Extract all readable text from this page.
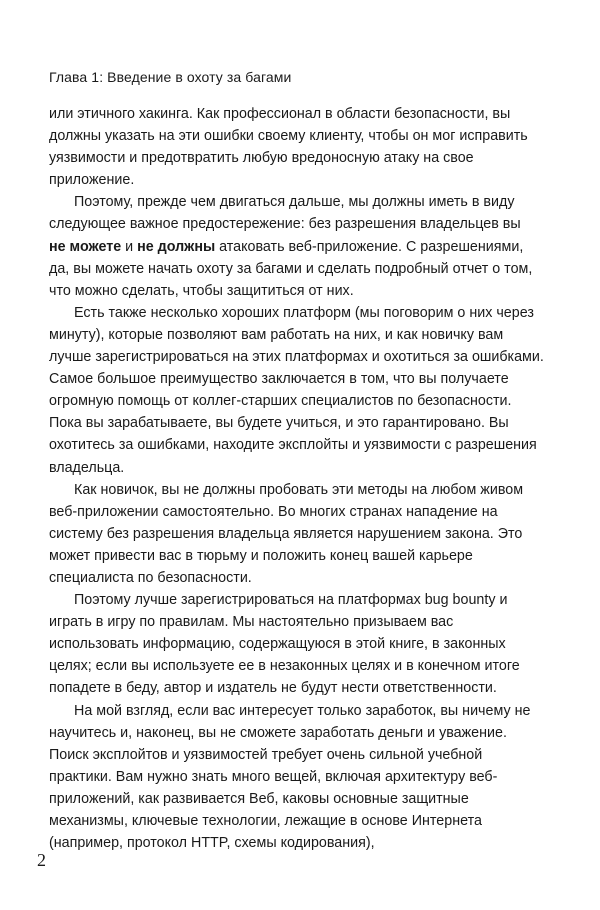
Глава 1: Введение в охоту за багами
или этичного хакинга. Как профессионал в области безопасности, вы
должны указать на эти ошибки своему клиенту, чтобы он мог исправить
уязвимости и предотвратить любую вредоносную атаку на свое
приложение.
Поэтому, прежде чем двигаться дальше, мы должны иметь в виду
следующее важное предостережение: без разрешения владельцев вы
не можете и не должны атаковать веб-приложение. С разрешениями,
да, вы можете начать охоту за багами и сделать подробный отчет о том,
что можно сделать, чтобы защититься от них.
Есть также несколько хороших платформ (мы поговорим о них через
минуту), которые позволяют вам работать на них, и как новичку вам
лучше зарегистрироваться на этих платформах и охотиться за ошибками.
Самое большое преимущество заключается в том, что вы получаете
огромную помощь от коллег-старших специалистов по безопасности.
Пока вы зарабатываете, вы будете учиться, и это гарантировано. Вы
охотитесь за ошибками, находите эксплойты и уязвимости с разрешения
владельца.
Как новичок, вы не должны пробовать эти методы на любом живом
веб-приложении самостоятельно. Во многих странах нападение на
систему без разрешения владельца является нарушением закона. Это
может привести вас в тюрьму и положить конец вашей карьере
специалиста по безопасности.
Поэтому лучше зарегистрироваться на платформах bug bounty и
играть в игру по правилам. Мы настоятельно призываем вас
использовать информацию, содержащуюся в этой книге, в законных
целях; если вы используете ее в незаконных целях и в конечном итоге
попадете в беду, автор и издатель не будут нести ответственности.
На мой взгляд, если вас интересует только заработок, вы ничему не
научитесь и, наконец, вы не сможете заработать деньги и уважение.
Поиск эксплойтов и уязвимостей требует очень сильной учебной
практики. Вам нужно знать много вещей, включая архитектуру веб-
приложений, как развивается Веб, каковы основные защитные
механизмы, ключевые технологии, лежащие в основе Интернета
(например, протокол HTTP, схемы кодирования),
2
